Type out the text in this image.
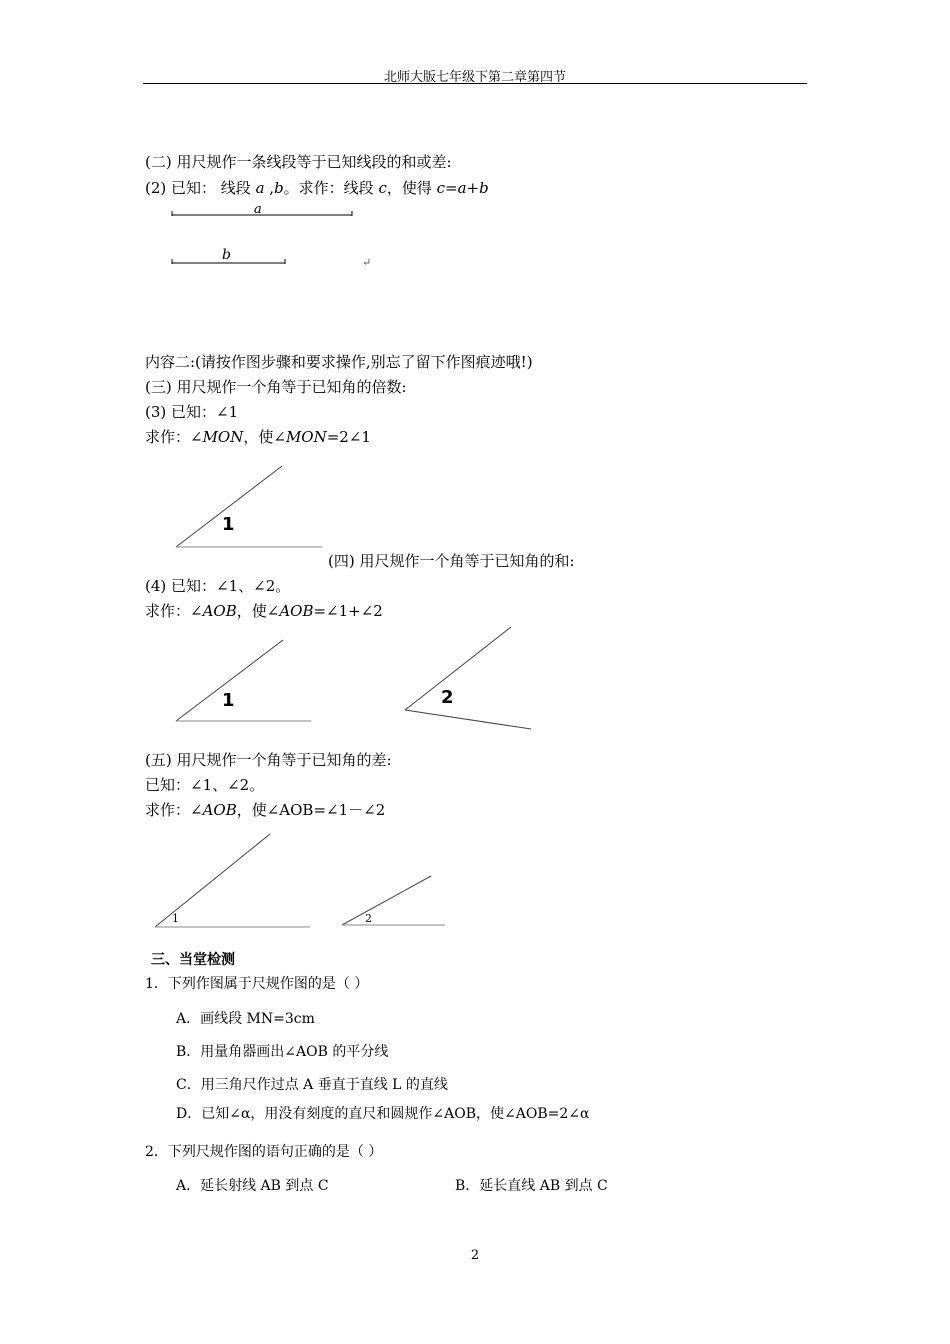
北师大版七年级下第二章第四节
(二) 用尺规作一条线段等于已知线段的和或差:
(2) 已知： 线段 a ,b。求作：线段 c，使得 c=a+b
a
b	↵
内容二:(请按作图步骤和要求操作,别忘了留下作图痕迹哦!)
(三) 用尺规作一个角等于已知角的倍数:
(3) 已知：∠1
求作：∠MON，使∠MON=2∠1
1
(四) 用尺规作一个角等于已知角的和:
(4) 已知：∠1、∠2。
求作：∠AOB，使∠AOB=∠1+∠2
1	2
(五) 用尺规作一个角等于已知角的差:
已知：∠1、∠2。
求作：∠AOB，使∠AOB=∠1－∠2
1	2
三、当堂检测
1．下列作图属于尺规作图的是（ ）
A．画线段 MN=3cm
B．用量角器画出∠AOB 的平分线
C．用三角尺作过点 A 垂直于直线 L 的直线
D．已知∠α，用没有刻度的直尺和圆规作∠AOB，使∠AOB=2∠α
2．下列尺规作图的语句正确的是（ ）
A．延长射线 AB 到点 C	B．延长直线 AB 到点 C
2
